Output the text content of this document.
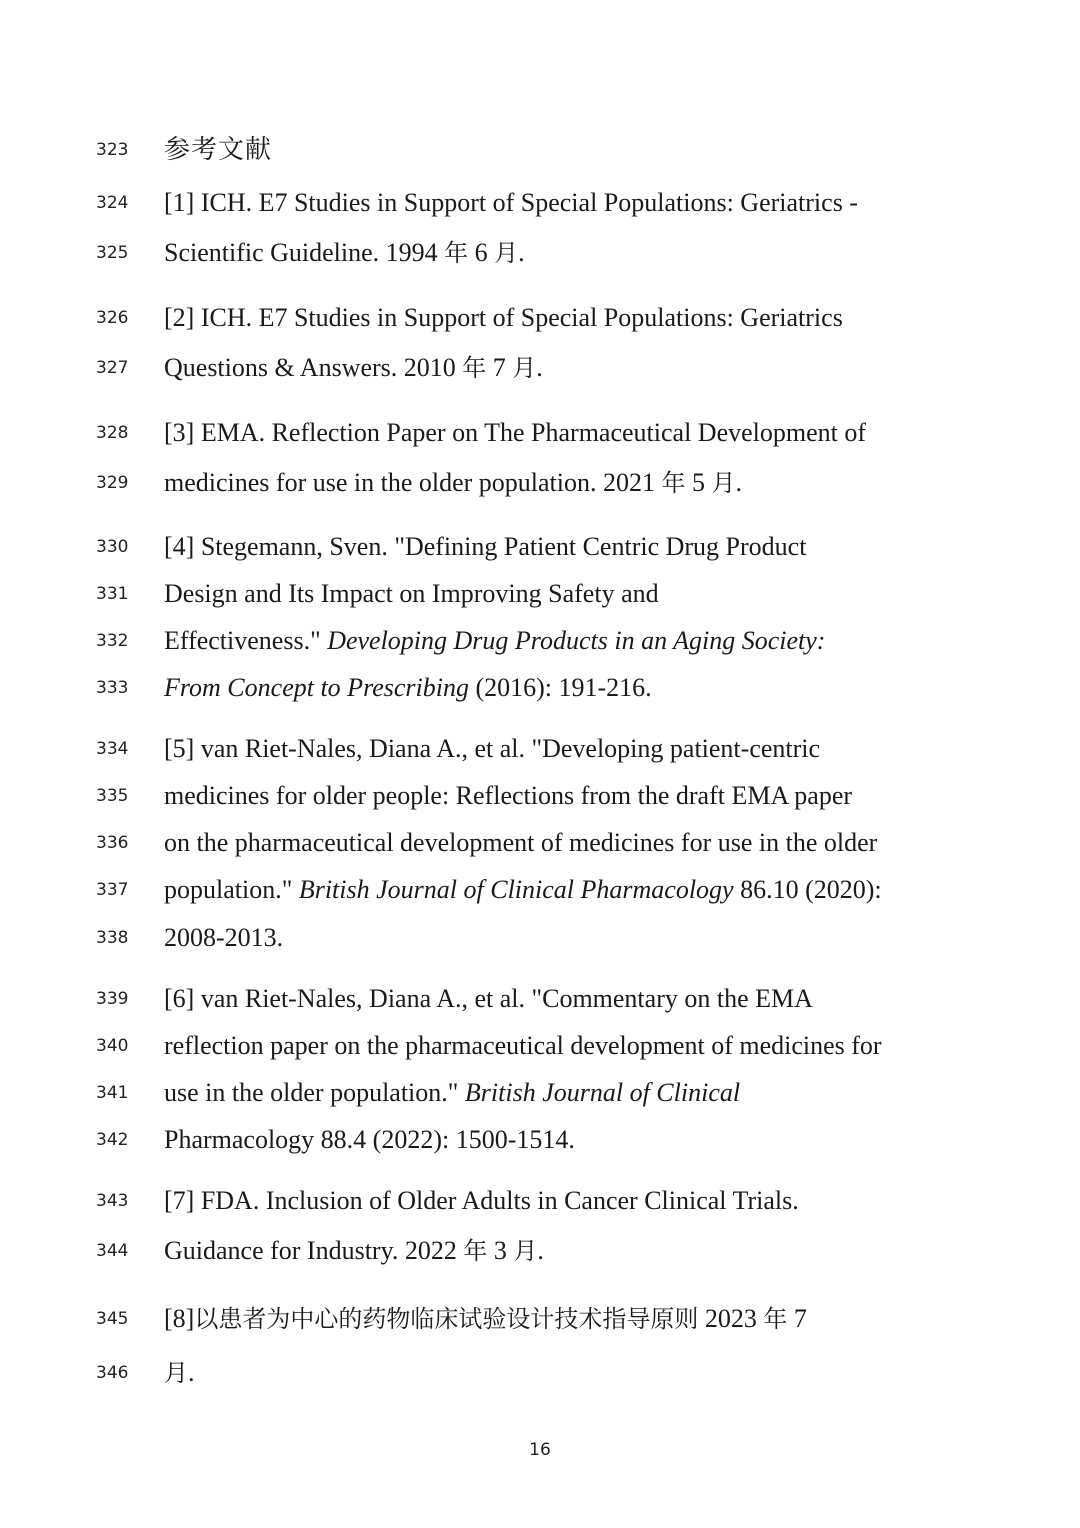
323 参考文献
324 [1] ICH. E7 Studies in Support of Special Populations: Geriatrics -
325 Scientific Guideline. 1994 年 6 月.
326 [2] ICH. E7 Studies in Support of Special Populations: Geriatrics
327 Questions & Answers. 2010 年 7 月.
328 [3] EMA. Reflection Paper on The Pharmaceutical Development of
329 medicines for use in the older population. 2021 年 5 月.
330 [4] Stegemann, Sven. "Defining Patient Centric Drug Product
331 Design and Its Impact on Improving Safety and
332 Effectiveness." Developing Drug Products in an Aging Society:
333 From Concept to Prescribing (2016): 191-216.
334 [5] van Riet-Nales, Diana A., et al. "Developing patient-centric
335 medicines for older people: Reflections from the draft EMA paper
336 on the pharmaceutical development of medicines for use in the older
337 population." British Journal of Clinical Pharmacology 86.10 (2020):
338 2008-2013.
339 [6] van Riet-Nales, Diana A., et al. "Commentary on the EMA
340 reflection paper on the pharmaceutical development of medicines for
341 use in the older population." British Journal of Clinical
342 Pharmacology 88.4 (2022): 1500-1514.
343 [7] FDA. Inclusion of Older Adults in Cancer Clinical Trials.
344 Guidance for Industry. 2022 年 3 月.
345 [8]以患者为中心的药物临床试验设计技术指导原则 2023 年 7
346	月.
16
